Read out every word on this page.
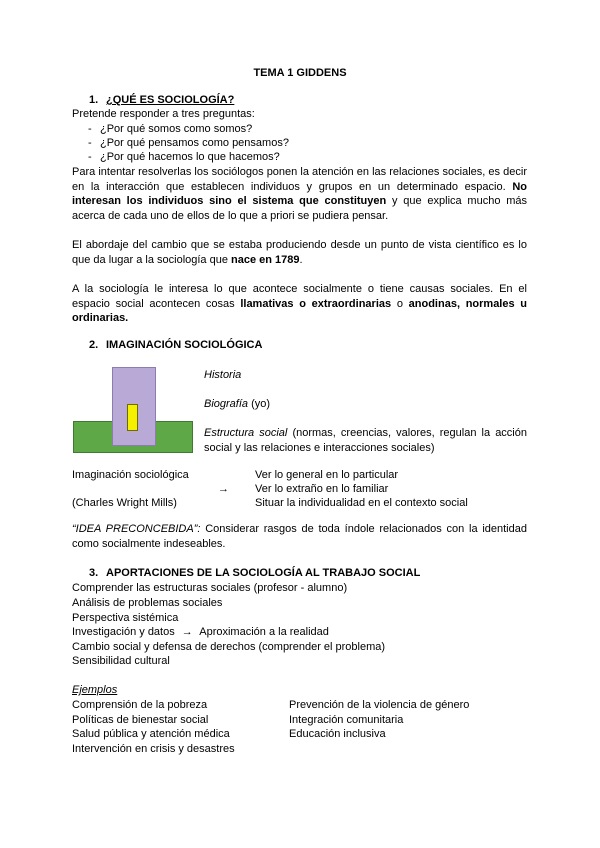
TEMA 1 GIDDENS
1. ¿QUÉ ES SOCIOLOGÍA?
Pretende responder a tres preguntas:
- ¿Por qué somos como somos?
- ¿Por qué pensamos como pensamos?
- ¿Por qué hacemos lo que hacemos?
Para intentar resolverlas los sociólogos ponen la atención en las relaciones sociales, es decir en la interacción que establecen individuos y grupos en un determinado espacio. No interesan los individuos sino el sistema que constituyen y que explica mucho más acerca de cada uno de ellos de lo que a priori se pudiera pensar.
El abordaje del cambio que se estaba produciendo desde un punto de vista científico es lo que da lugar a la sociología que nace en 1789.
A la sociología le interesa lo que acontece socialmente o tiene causas sociales. En el espacio social acontecen cosas llamativas o extraordinarias o anodinas, normales u ordinarias.
2. IMAGINACIÓN SOCIOLÓGICA
Historia
Biografía (yo)
Estructura social (normas, creencias, valores, regulan la acción social y las relaciones e interacciones sociales)
Imaginación sociológica
(Charles Wright Mills)
→
Ver lo general en lo particular
Ver lo extraño en lo familiar
Situar la individualidad en el contexto social
“IDEA PRECONCEBIDA”: Considerar rasgos de toda índole relacionados con la identidad como socialmente indeseables.
3. APORTACIONES DE LA SOCIOLOGÍA AL TRABAJO SOCIAL
Comprender las estructuras sociales (profesor - alumno)
Análisis de problemas sociales
Perspectiva sistémica
Investigación y datos → Aproximación a la realidad
Cambio social y defensa de derechos (comprender el problema)
Sensibilidad cultural
Ejemplos
Comprensión de la pobreza
Políticas de bienestar social
Salud pública y atención médica
Intervención en crisis y desastres
Prevención de la violencia de género
Integración comunitaria
Educación inclusiva
